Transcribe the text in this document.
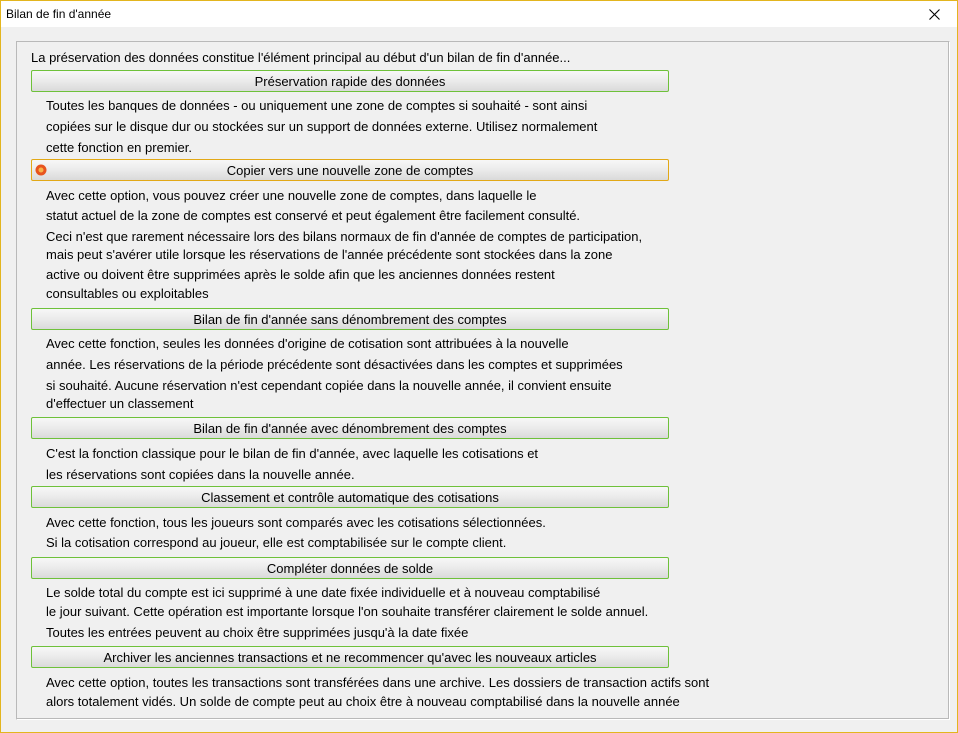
Bilan de fin d'année
La préservation des données constitue l'élément principal au début d'un bilan de fin d'année...
Préservation rapide des données
Toutes les banques de données - ou uniquement une zone de comptes si souhaité - sont ainsi
copiées sur le disque dur ou stockées sur un support de données externe. Utilisez normalement
cette fonction en premier.
Copier vers une nouvelle zone de comptes
Avec cette option, vous pouvez créer une nouvelle zone de comptes, dans laquelle le
statut actuel de la zone de comptes est conservé et peut également être facilement consulté.
Ceci n'est que rarement nécessaire lors des bilans normaux de fin d'année de comptes de participation,
mais peut s'avérer utile lorsque les réservations de l'année précédente sont stockées dans la zone
active ou doivent être supprimées après le solde afin que les anciennes données restent
consultables ou exploitables
Bilan de fin d'année sans dénombrement des comptes
Avec cette fonction, seules les données d'origine de cotisation sont attribuées à la nouvelle
année. Les réservations de la période précédente sont désactivées dans les comptes et supprimées
si souhaité. Aucune réservation n'est cependant copiée dans la nouvelle année, il convient ensuite
d'effectuer un classement
Bilan de fin d'année avec dénombrement des comptes
C'est la fonction classique pour le bilan de fin d'année, avec laquelle les cotisations et
les réservations sont copiées dans la nouvelle année.
Classement et contrôle automatique des cotisations
Avec cette fonction, tous les joueurs sont comparés avec les cotisations sélectionnées.
Si la cotisation correspond au joueur, elle est comptabilisée sur le compte client.
Compléter données de solde
Le solde total du compte est ici supprimé à une date fixée individuelle et à nouveau comptabilisé
le jour suivant. Cette opération est importante lorsque l'on souhaite transférer clairement le solde annuel.
Toutes les entrées peuvent au choix être supprimées jusqu'à la date fixée
Archiver les anciennes transactions et ne recommencer qu'avec les nouveaux articles
Avec cette option, toutes les transactions sont transférées dans une archive. Les dossiers de transaction actifs sont
alors totalement vidés. Un solde de compte peut au choix être à nouveau comptabilisé dans la nouvelle année
